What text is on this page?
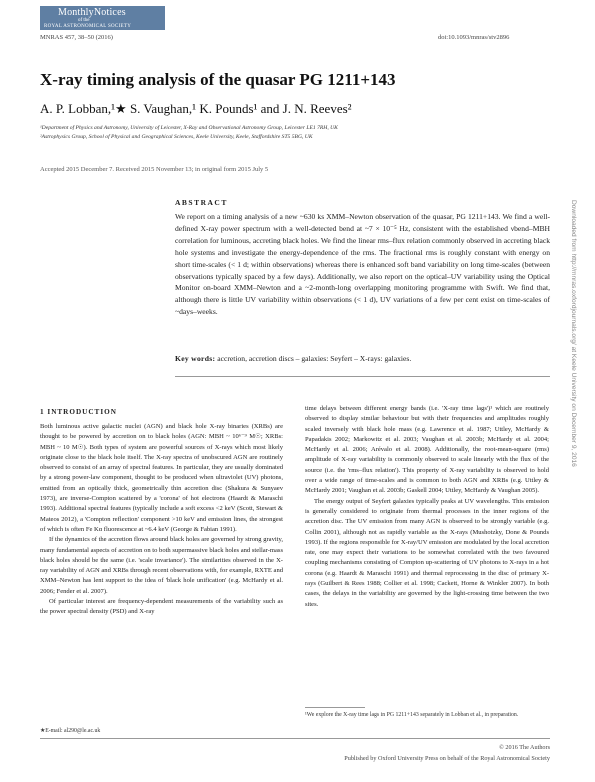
MonthlyNotices
of the
ROYAL ASTRONOMICAL SOCIETY
MNRAS 457, 38–50 (2016)	doi:10.1093/mnras/stv2896
X-ray timing analysis of the quasar PG 1211+143
A. P. Lobban,¹★ S. Vaughan,¹ K. Pounds¹ and J. N. Reeves²
¹Department of Physics and Astronomy, University of Leicester, X-Ray and Observational Astronomy Group, Leicester LE1 7RH, UK
²Astrophysics Group, School of Physical and Geographical Sciences, Keele University, Keele, Staffordshire ST5 5BG, UK
Accepted 2015 December 7. Received 2015 November 13; in original form 2015 July 5
ABSTRACT
We report on a timing analysis of a new ~630 ks XMM–Newton observation of the quasar, PG 1211+143. We find a well-defined X-ray power spectrum with a well-detected bend at ~7 × 10⁻⁵ Hz, consistent with the established νbend–MBH correlation for luminous, accreting black holes. We find the linear rms–flux relation commonly observed in accreting black hole systems and investigate the energy-dependence of the rms. The fractional rms is roughly constant with energy on short time-scales (< 1 d; within observations) whereas there is enhanced soft band variability on long time-scales (between observations typically spaced by a few days). Additionally, we also report on the optical–UV variability using the Optical Monitor on-board XMM–Newton and a ~2-month-long overlapping monitoring programme with Swift. We find that, although there is little UV variability within observations (< 1 d), UV variations of a few per cent exist on time-scales of ~days–weeks.
Key words: accretion, accretion discs – galaxies: Seyfert – X-rays: galaxies.	Downloaded from http://mnras.oxfordjournals.org/ at Keele University on December 9, 2016
1 INTRODUCTION

Both luminous active galactic nuclei (AGN) and black hole X-ray binaries (XRBs) are thought to be powered by accretion on to black holes (AGN: MBH ~ 10⁶⁻⁹ M☉; XRBs: MBH ~ 10 M☉). Both types of system are powerful sources of X-rays which most likely originate close to the black hole itself. The X-ray spectra of unobscured AGN are routinely observed to consist of an array of spectral features. In particular, they are usually dominated by a strong power-law component, thought to be produced when ultraviolet (UV) photons, emitted from an optically thick, geometrically thin accretion disc (Shakura & Sunyaev 1973), are inverse-Compton scattered by a 'corona' of hot electrons (Haardt & Maraschi 1993). Additional spectral features (typically include a soft excess <2 keV (Scott, Stewart & Mateos 2012), a 'Compton reflection' component >10 keV and emission lines, the strongest of which is often Fe Kα fluorescence at ~6.4 keV (George & Fabian 1991).

If the dynamics of the accretion flows around black holes are governed by strong gravity, many fundamental aspects of accretion on to both supermassive black holes and stellar-mass black holes should be the same (i.e. 'scale invariance'). The similarities observed in the X-ray variability of AGN and XRBs through recent observations with, for example, RXTE and XMM–Newton has lent support to the idea of 'black hole unification' (e.g. McHardy et al. 2006; Fender et al. 2007).

Of particular interest are frequency-dependent measurements of the variability such as the power spectral density (PSD) and X-ray

time delays between different energy bands (i.e. 'X-ray time lags')¹ which are routinely observed to display similar behaviour but with their frequencies and amplitudes roughly scaled inversely with black hole mass (e.g. Lawrence et al. 1987; Uttley, McHardy & Papadakis 2002; Markowitz et al. 2003; Vaughan et al. 2003b; McHardy et al. 2004; McHardy et al. 2006; Arévalo et al. 2008). Additionally, the root-mean-square (rms) amplitude of X-ray variability is commonly observed to scale linearly with the flux of the source (i.e. the 'rms–flux relation'). This property of X-ray variability is observed to hold over a wide range of time-scales and is common to both AGN and XRBs (e.g. Uttley & McHardy 2001; Vaughan et al. 2003b; Gaskell 2004; Uttley, McHardy & Vaughan 2005).

The energy output of Seyfert galaxies typically peaks at UV wavelengths. This emission is generally considered to originate from thermal processes in the inner regions of the accretion disc. The UV emission from many AGN is observed to be strongly variable (e.g. Collin 2001), although not as rapidly variable as the X-rays (Mushotzky, Done & Pounds 1993). If the regions responsible for X-ray/UV emission are modulated by the local accretion rate, one may expect their variations to be somewhat correlated with the two favoured coupling mechanisms consisting of Compton up-scattering of UV photons to X-rays in a hot corona (e.g. Haardt & Maraschi 1991) and thermal reprocessing in the disc of primary X-rays (Guilbert & Rees 1988; Collier et al. 1998; Cackett, Horne & Winkler 2007). In both cases, the delays in the variability are governed by the light-crossing time between the two sites.

¹We explore the X-ray time lags in PG 1211+143 separately in Lobban et al., in preparation.
★E-mail: al290@le.ac.uk
© 2016 The Authors
Published by Oxford University Press on behalf of the Royal Astronomical Society
